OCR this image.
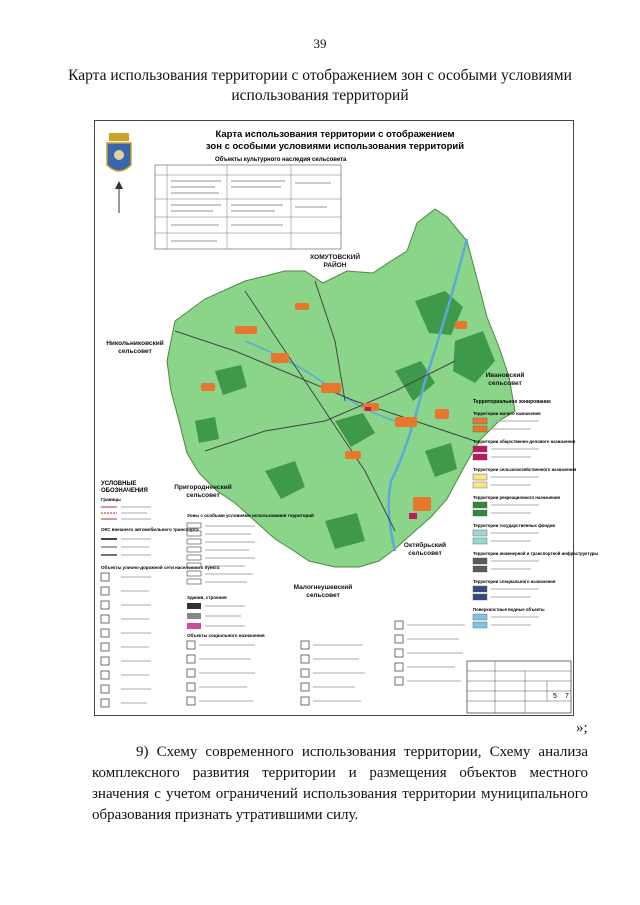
39
Карта использования территории с отображением зон с особыми условиями использования территорий
Карта использования территории с отображением
зон с особыми условиями использования территорий
Объекты культурного наследия сельсовета
ХОМУТОВСКИЙ
РАЙОН
Никольниковский
сельсовет
Ивановский
сельсовет
Пригородненский
сельсовет
Октябрьский
сельсовет
Малогнеушевский
сельсовет
УСЛОВНЫЕ
ОБОЗНАЧЕНИЯ
Границы
ОКС внешнего автомобильного транспорта
Объекты улично-дорожной сети населенного пункта
Зоны с особыми условиями использования территорий
Здания, строения
Объекты социального назначения
Территориальное зонирование
Территории жилого назначения
Территории общественно-делового назначения
Территории сельскохозяйственного назначения
Территории рекреационного назначения
Территории государственных фондов
Территории инженерной и транспортной инфраструктуры
Территории специального назначения
Поверхностные водные объекты
5 7
»;
9) Схему современного использования территории, Схему анализа комплексного развития территории и размещения объектов местного значения с учетом ограничений использования территории муниципального образования признать утратившими силу.
